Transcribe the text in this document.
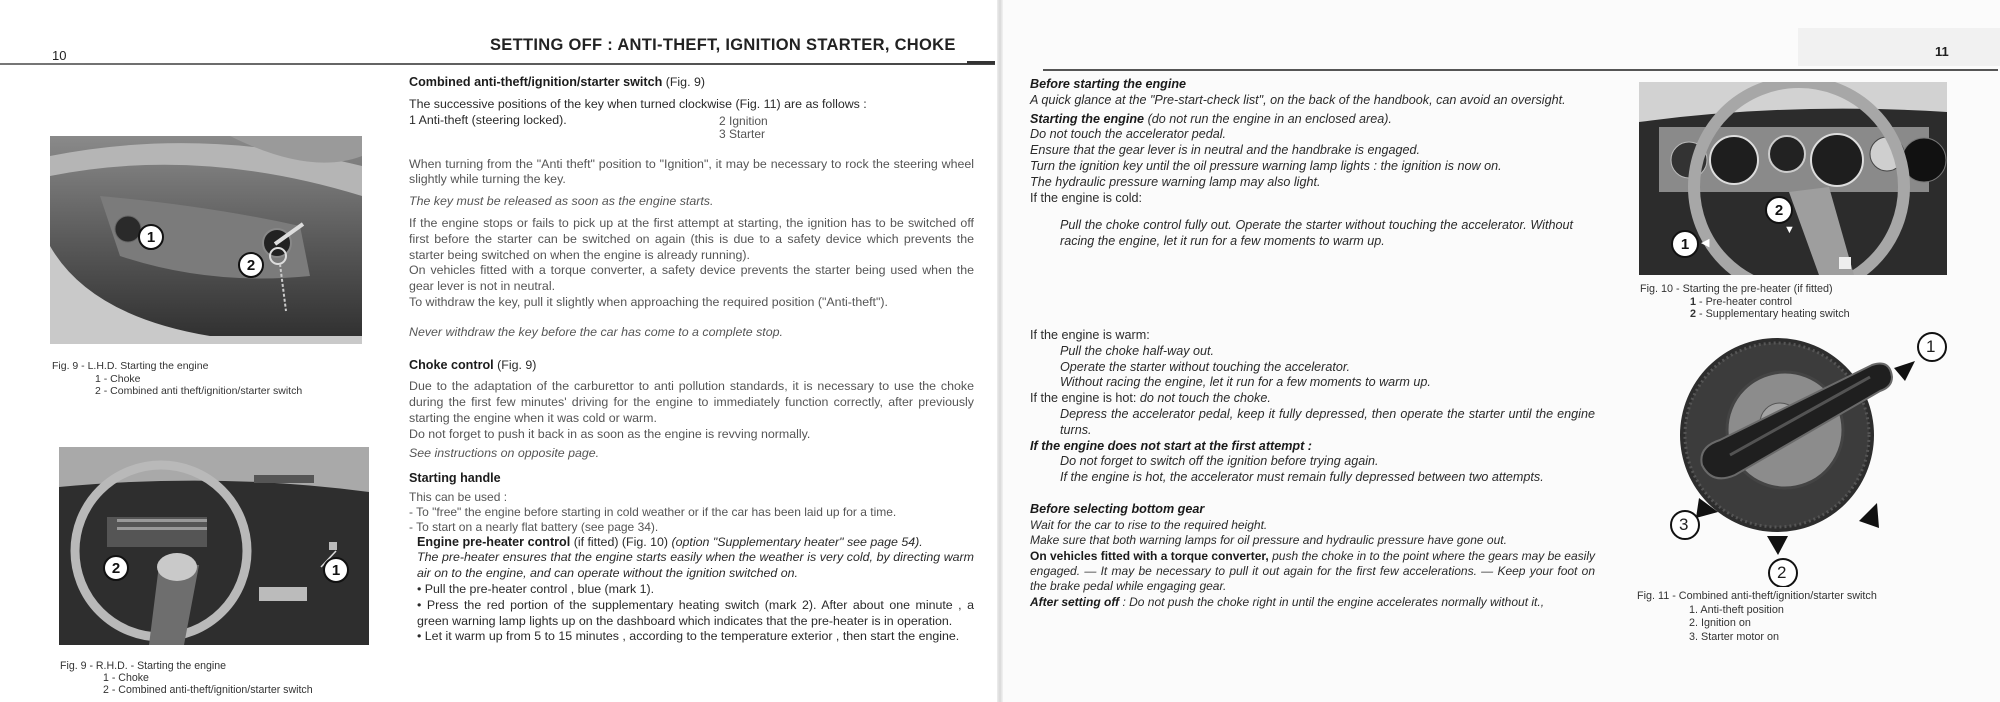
10
SETTING OFF : ANTI-THEFT, IGNITION STARTER, CHOKE
1
2
Fig. 9 - L.H.D. Starting the engine
1 - Choke
2 - Combined anti theft/ignition/starter switch
2	1
Fig. 9 - R.H.D. - Starting the engine
1 - Choke
2 - Combined anti-theft/ignition/starter switch

Combined anti-theft/ignition/starter switch (Fig. 9)

The successive positions of the key when turned clockwise (Fig. 11) are as follows :

1 Anti-theft (steering locked).	2 Ignition
3 Starter

When turning from the "Anti theft" position to "Ignition", it may be necessary to rock the steering wheel slightly while turning the key.

The key must be released as soon as the engine starts.

If the engine stops or fails to pick up at the first attempt at starting, the ignition has to be switched off first before the starter can be switched on again (this is due to a safety device which prevents the starter being switched on when the engine is already running).

On vehicles fitted with a torque converter, a safety device prevents the starter being used when the gear lever is not in neutral.

To withdraw the key, pull it slightly when approaching the required position ("Anti-theft").

Never withdraw the key before the car has come to a complete stop.

Choke control (Fig. 9)

Due to the adaptation of the carburettor to anti pollution standards, it is necessary to use the choke during the first few minutes' driving for the engine to immediately function correctly, after previously starting the engine when it was cold or warm.

Do not forget to push it back in as soon as the engine is revving normally.

See instructions on opposite page.

Starting handle

This can be used :

- To "free" the engine before starting in cold weather or if the car has been laid up for a time.

- To start on a nearly flat battery (see page 34).

Engine pre-heater control (if fitted) (Fig. 10) (option "Supplementary heater" see page 54).

The pre-heater ensures that the engine starts easily when the weather is very cold, by directing warm air on to the engine, and can operate without the ignition switched on.

• Pull the pre-heater control , blue (mark 1).

• Press the red portion of the supplementary heating switch (mark 2). After about one minute , a green warning lamp lights up on the dashboard which indicates that the pre-heater is in operation.

• Let it warm up from 5 to 15 minutes , according to the temperature exterior , then start the engine.

11

Before starting the engine

A quick glance at the "Pre-start-check list", on the back of the handbook, can avoid an oversight.

Starting the engine (do not run the engine in an enclosed area).

Do not touch the accelerator pedal.

Ensure that the gear lever is in neutral and the handbrake is engaged.

Turn the ignition key until the oil pressure warning lamp lights : the ignition is now on.

The hydraulic pressure warning lamp may also light.

If the engine is cold:

Pull the choke control fully out. Operate the starter without touching the accelerator. Without racing the engine, let it run for a few moments to warm up.

If the engine is warm:

Pull the choke half-way out.

Operate the starter without touching the accelerator.

Without racing the engine, let it run for a few moments to warm up.

If the engine is hot: do not touch the choke.

Depress the accelerator pedal, keep it fully depressed, then operate the starter until the engine turns.

If the engine does not start at the first attempt :

Do not forget to switch off the ignition before trying again.

If the engine is hot, the accelerator must remain fully depressed between two attempts.

Before selecting bottom gear

Wait for the car to rise to the required height.

Make sure that both warning lamps for oil pressure and hydraulic pressure have gone out.

On vehicles fitted with a torque converter, push the choke in to the point where the gears may be easily engaged. — It may be necessary to pull it out again for the first few accelerations. — Keep your foot on the brake pedal while engaging gear.

After setting off : Do not push the choke right in until the engine accelerates normally without it.,

1	◀
2
▼
Fig. 10 - Starting the pre-heater (if fitted)
1 - Pre-heater control
2 - Supplementary heating switch
1
3
2
Fig. 11 - Combined anti-theft/ignition/starter switch
1. Anti-theft position
2. Ignition on
3. Starter motor on
